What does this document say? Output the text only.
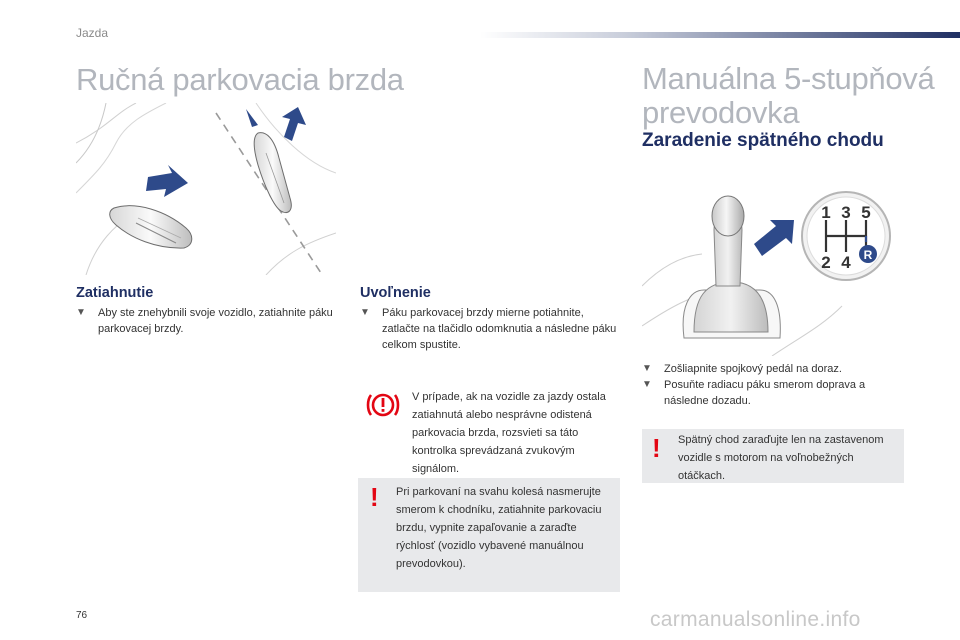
Jazda
Ručná parkovacia brzda	Manuálna 5-stupňová prevodovka
Zaradenie spätného chodu
1 3 5
2 4 R
Zatiahnutie
▼	Aby ste znehybnili svoje vozidlo, zatiahnite páku parkovacej brzdy.
Uvoľnenie
▼	Páku parkovacej brzdy mierne potiahnite, zatlačte na tlačidlo odomknutia a následne páku celkom spustite.
V prípade, ak na vozidle za jazdy ostala zatiahnutá alebo nesprávne odistená parkovacia brzda, rozsvieti sa táto kontrolka sprevádzaná zvukovým signálom.
! Pri parkovaní na svahu kolesá nasmerujte smerom k chodníku, zatiahnite parkovaciu brzdu, vypnite zapaľovanie a zaraďte rýchlosť (vozidlo vybavené manuálnou prevodovkou).
▼	Zošliapnite spojkový pedál na doraz.
▼	Posuňte radiacu páku smerom doprava a následne dozadu.
! Spätný chod zaraďujte len na zastavenom vozidle s motorom na voľnobežných otáčkach.
76	carmanualsonline.info
